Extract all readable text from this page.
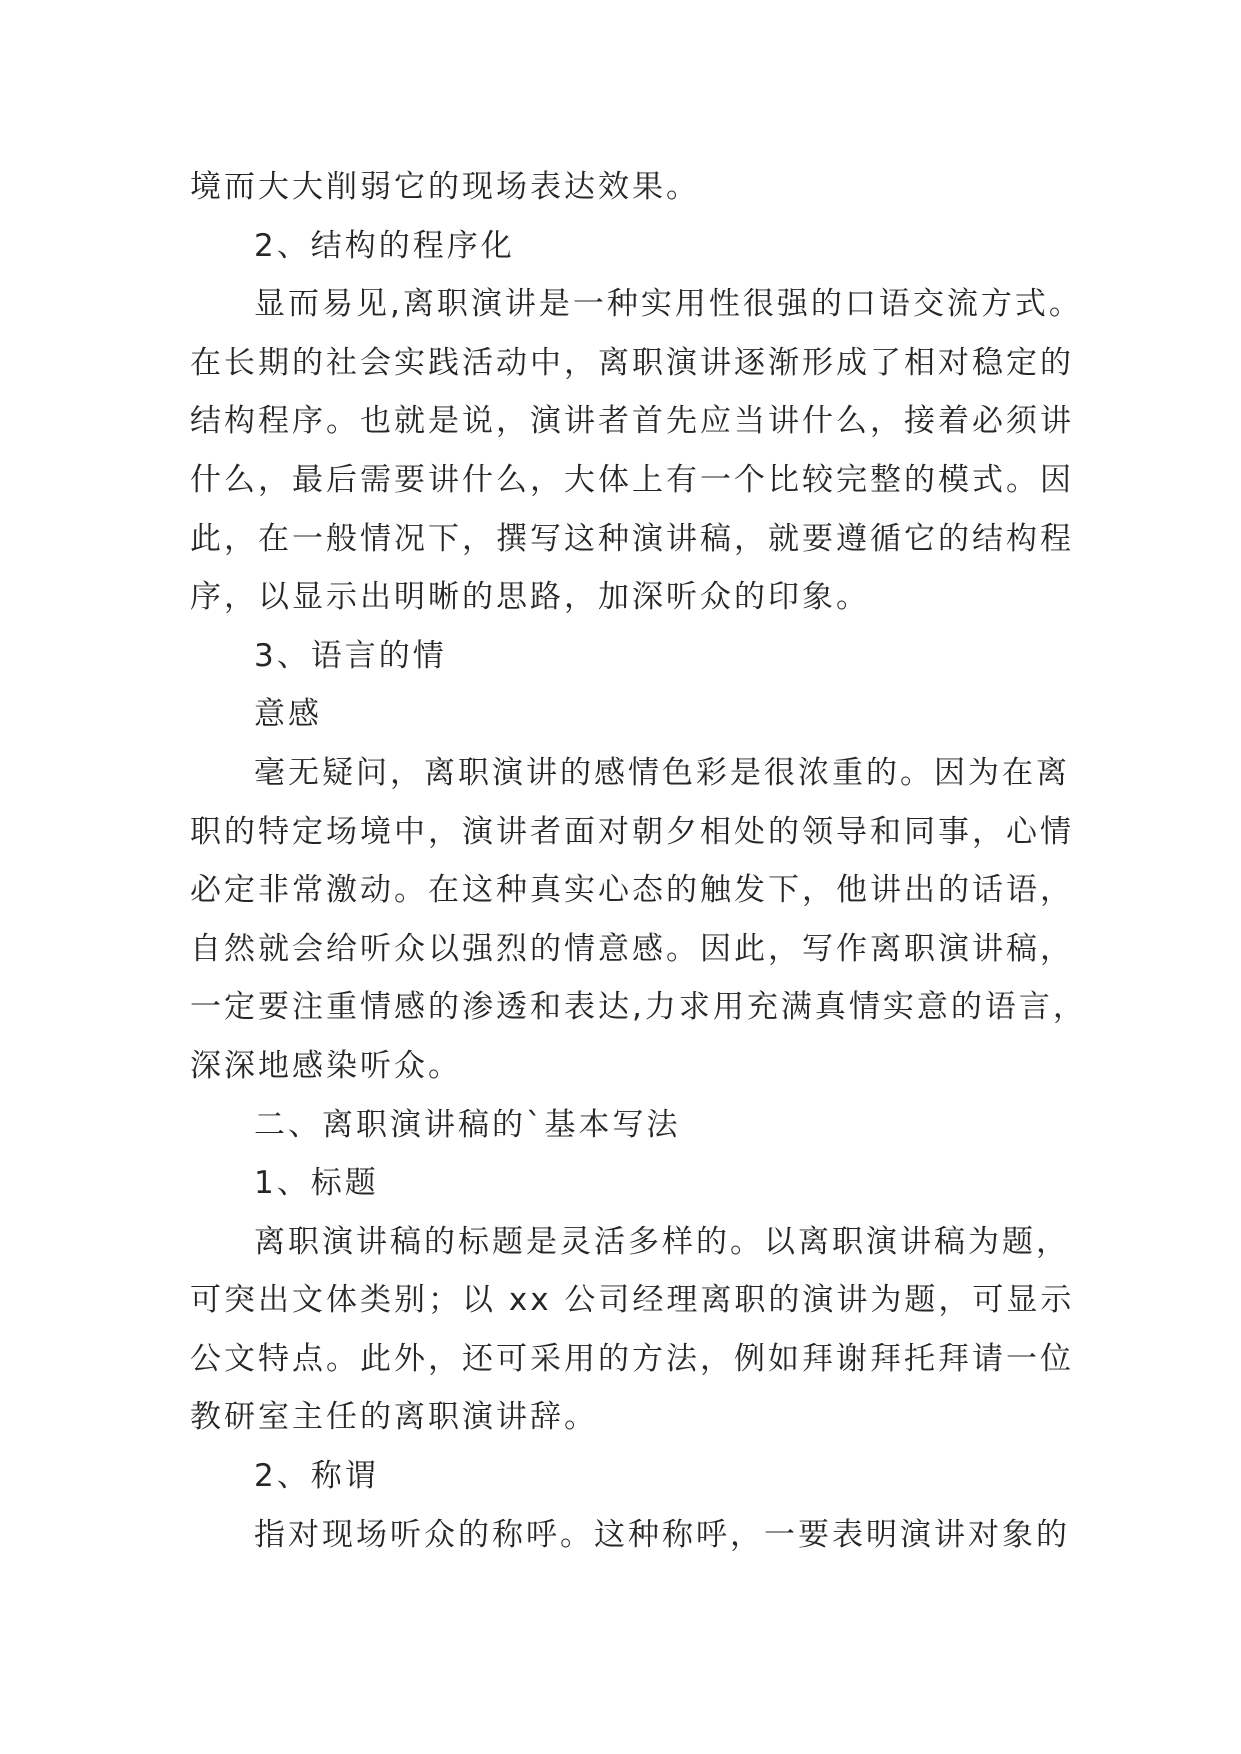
境而大大削弱它的现场表达效果。
2、结构的程序化
显而易见,离职演讲是一种实用性很强的口语交流方式。
在长期的社会实践活动中，离职演讲逐渐形成了相对稳定的
结构程序。也就是说，演讲者首先应当讲什么，接着必须讲
什么，最后需要讲什么，大体上有一个比较完整的模式。因
此，在一般情况下，撰写这种演讲稿，就要遵循它的结构程
序，以显示出明晰的思路，加深听众的印象。
3、语言的情
意感
毫无疑问，离职演讲的感情色彩是很浓重的。因为在离
职的特定场境中，演讲者面对朝夕相处的领导和同事，心情
必定非常激动。在这种真实心态的触发下，他讲出的话语，
自然就会给听众以强烈的情意感。因此，写作离职演讲稿，
一定要注重情感的渗透和表达,力求用充满真情实意的语言，
深深地感染听众。
二、离职演讲稿的`基本写法
1、标题
离职演讲稿的标题是灵活多样的。以离职演讲稿为题，
可突出文体类别；以 xx 公司经理离职的演讲为题，可显示
公文特点。此外，还可采用的方法，例如拜谢拜托拜请一位
教研室主任的离职演讲辞。
2、称谓
指对现场听众的称呼。这种称呼，一要表明演讲对象的
